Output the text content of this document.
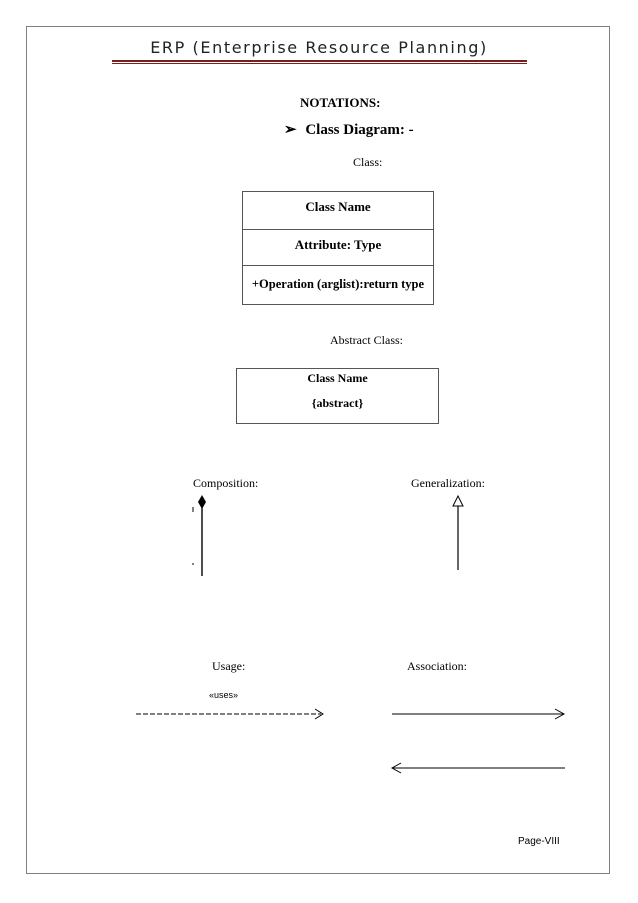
ERP (Enterprise Resource Planning)
NOTATIONS:
➢ Class Diagram: -
Class:
Class Name
Attribute: Type
+Operation (arglist):return type
Abstract Class:
Class Name
{abstract}
Composition:	Generalization:
Usage:	Association:
«uses»
Page-VIII
